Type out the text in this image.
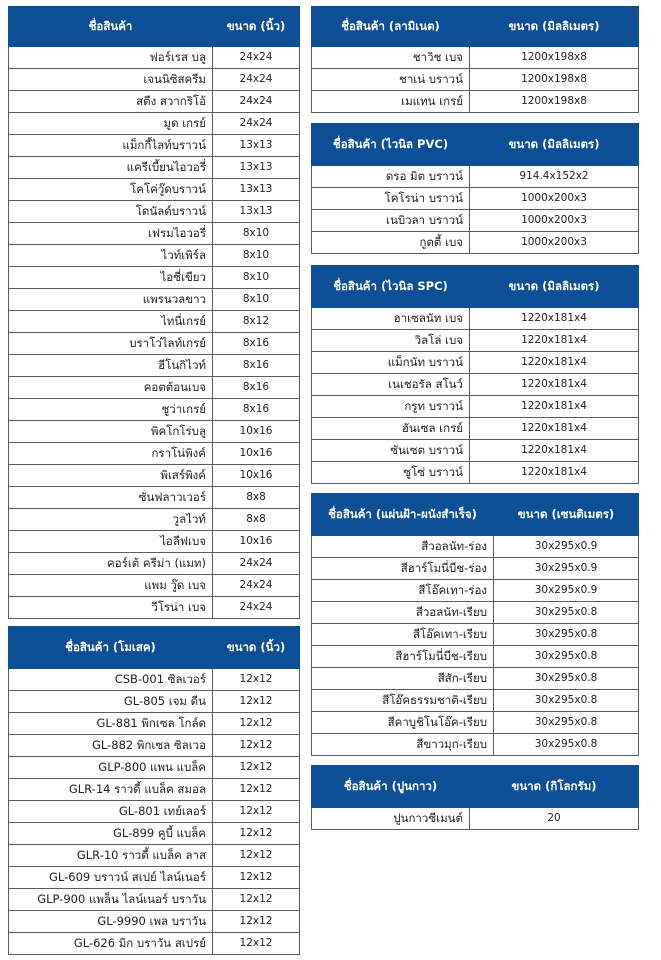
ชื่อสินค้า	ขนาด (นิ้ว)
ฟอร์เรส บลู	24x24
เจนนิซิสครีม	24x24
สตีง สวากริโอ้	24x24
มูด เกรย์	24x24
แม็กกี้ไลท์บราวน์	13x13
แครีเบี้ยนไอวอรี่	13x13
โคโค่วู๊ดบราวน์	13x13
โดนัลด์บราวน์	13x13
เฟรมไอวอรี่	8x10
ไวท์เพิร์ล	8x10
ไอซี่เขียว	8x10
แพรนวลขาว	8x10
ไทนี่เกรย์	8x12
บราโว่ไลท์เกรย์	8x16
ฮีโนกิไวท์	8x16
คอตต้อนเบจ	8x16
ชูว่าเกรย์	8x16
พิคโกโร่บลู	10x16
กราโน่พิงค์	10x16
พิเสร์พิงค์	10x16
ซันฟลาวเวอร์	8x8
วูลไวท์	8x8
ไอลีฟเบจ	10x16
คอร์เต้ ครีม่า (แมท)	24x24
แพม วู๊ด เบจ	24x24
วีโรน่า เบจ	24x24
ชื่อสินค้า (โมเสค)	ขนาด (นิ้ว)
CSB-001 ซิลเวอร์	12x12
GL-805 เจม ดีน	12x12
GL-881 พิกเซล โกล์ด	12x12
GL-882 พิกเซล ซิลเวอ	12x12
GLP-800 แพน แบล็ค	12x12
GLR-14 ราวดี้ แบล็ค สมอล	12x12
GL-801 เทย์เลอร์	12x12
GL-899 คูบี้ แบล็ค	12x12
GLR-10 ราวดี้ แบล็ค ลาส	12x12
GL-609 บราวน์ สเปย์ ไลน์เนอร์	12x12
GLP-900 แพล็น ไลน์เนอร์ บราวัน	12x12
GL-9990 เพล บราวัน	12x12
GL-626 มิก บราวัน สเปรย์	12x12
ชื่อสินค้า (ลามิเนต)	ขนาด (มิลลิเมตร)
ชาวิช เบจ	1200x198x8
ชาเน่ บราวน์	1200x198x8
เมแทน เกรย์	1200x198x8
ชื่อสินค้า (ไวนิล PVC)	ขนาด (มิลลิเมตร)
ดรอ มิต บราวน์	914.4x152x2
โคโรน่า บราวน์	1000x200x3
เนบิวลา บราวน์	1000x200x3
กูตตี้ เบจ	1000x200x3
ชื่อสินค้า (ไวนิล SPC)	ขนาด (มิลลิเมตร)
ฮาเซลนัท เบจ	1220x181x4
วิลโล่ เบจ	1220x181x4
แม็กนัท บราวน์	1220x181x4
เนเชอรัล สโนว์	1220x181x4
กรูท บราวน์	1220x181x4
ฮันเซล เกรย์	1220x181x4
ซันเซต บราวน์	1220x181x4
ซูโซ่ บราวน์	1220x181x4
ชื่อสินค้า (แผ่นฝ้า-ผนังสำเร็จ)	ขนาด (เซนติเมตร)
สีวอลนัท-ร่อง	30x295x0.9
สีฮาร์โมนี่บีช-ร่อง	30x295x0.9
สีโอ๊คเทา-ร่อง	30x295x0.9
สีวอลนัท-เรียบ	30x295x0.8
สีโอ๊คเทา-เรียบ	30x295x0.8
สีฮาร์โมนี่บีช-เรียบ	30x295x0.8
สีสัก-เรียบ	30x295x0.8
สีโอ๊คธรรมชาติ-เรียบ	30x295x0.8
สีคาบูชิโนโอ๊ค-เรียบ	30x295x0.8
สีขาวมุก-เรียบ	30x295x0.8
ชื่อสินค้า (ปูนกาว)	ขนาด (กิโลกรัม)
ปูนกาวซีเมนต์	20
